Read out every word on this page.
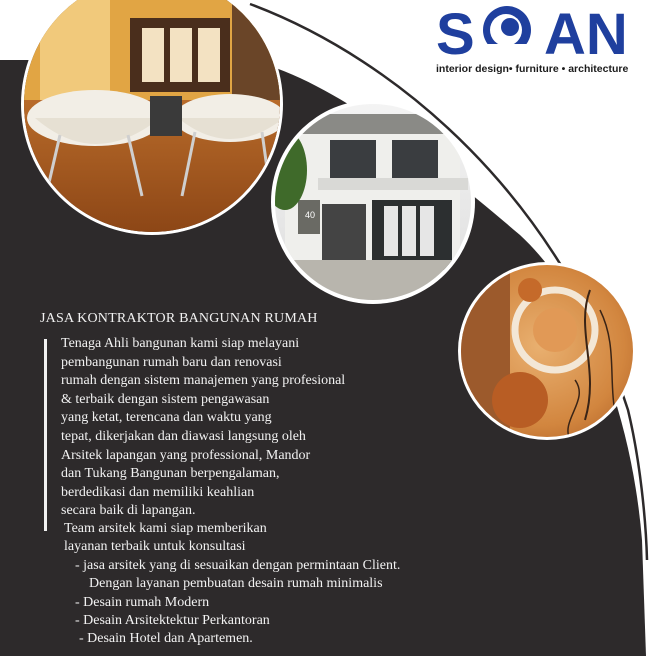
40
S AN
interior design• furniture • architecture
JASA KONTRAKTOR BANGUNAN RUMAH
Tenaga Ahli bangunan kami siap melayani
pembangunan rumah baru dan renovasi
rumah dengan sistem manajemen yang profesional
& terbaik dengan sistem pengawasan
yang ketat, terencana dan waktu yang
tepat, dikerjakan dan diawasi langsung oleh
Arsitek lapangan yang professional, Mandor
dan Tukang Bangunan berpengalaman,
berdedikasi dan memiliki keahlian
secara baik di lapangan.
Team arsitek kami siap memberikan
layanan terbaik untuk konsultasi
- jasa arsitek yang di sesuaikan dengan permintaan Client.
Dengan layanan pembuatan desain rumah minimalis
- Desain rumah Modern
- Desain Arsitektektur Perkantoran
- Desain Hotel dan Apartemen.
